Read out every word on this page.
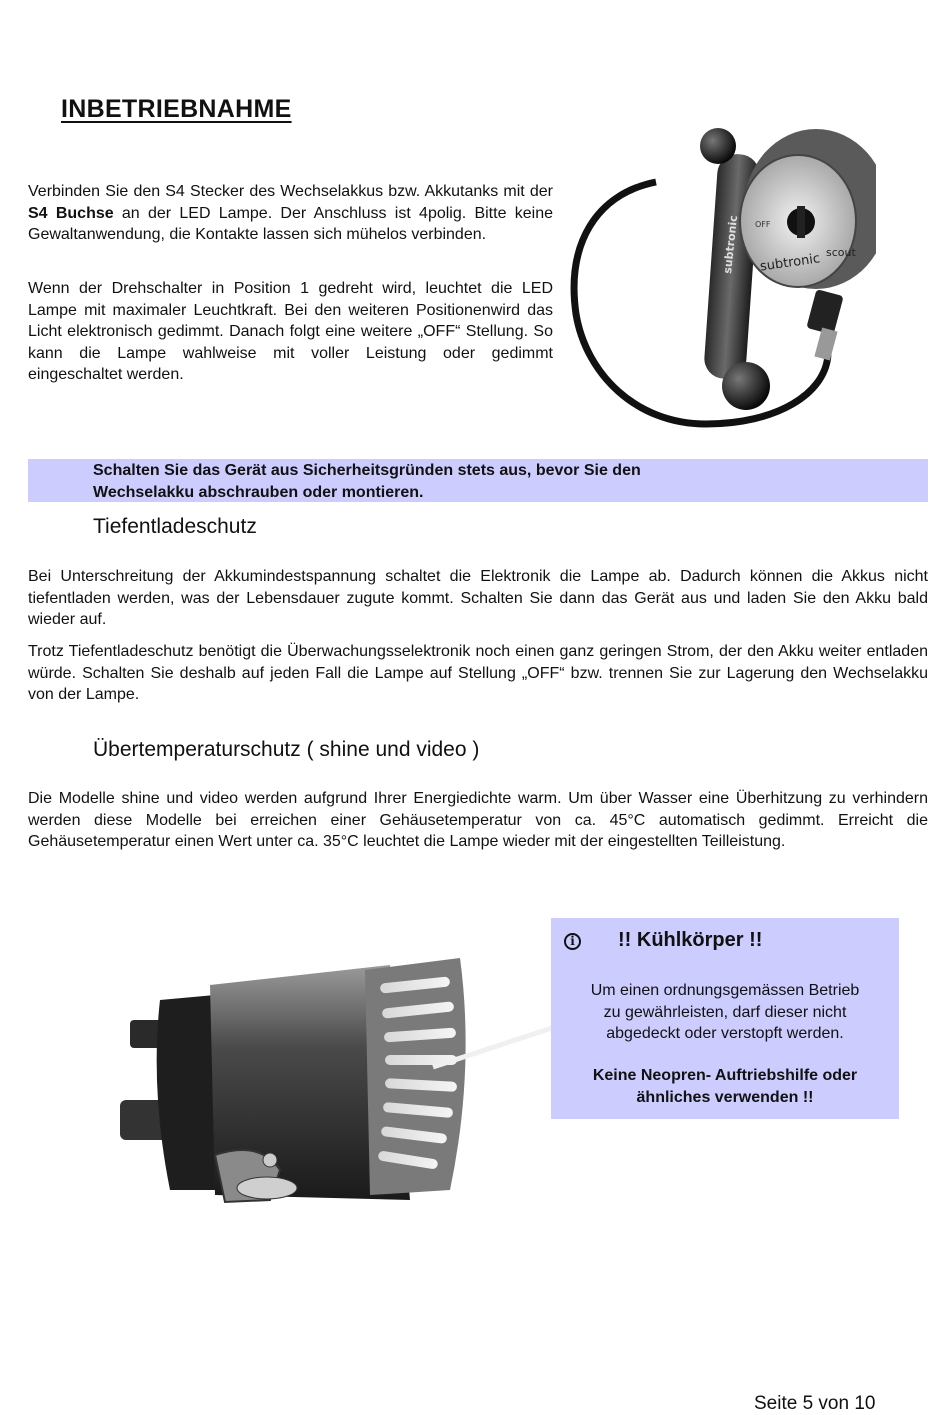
INBETRIEBNAHME

Verbinden Sie den S4 Stecker des Wechselakkus bzw. Akkutanks mit der S4 Buchse an der LED Lampe. Der Anschluss ist 4polig. Bitte keine Gewaltanwendung, die Kontakte lassen sich mühelos verbinden.

Wenn der Drehschalter in Position 1 gedreht wird, leuchtet die LED Lampe mit maximaler Leuchtkraft. Bei den weiteren Positionenwird das Licht elektronisch gedimmt. Danach folgt eine weitere „OFF“ Stellung. So kann die Lampe wahlweise mit voller Leistung oder gedimmt eingeschaltet werden.

subtronic OFF
subtronic scout
Schalten Sie das Gerät aus Sicherheitsgründen stets aus, bevor Sie den
Wechselakku abschrauben oder montieren.
Tiefentladeschutz

Bei Unterschreitung der Akkumindestspannung schaltet die Elektronik die Lampe ab. Dadurch können die Akkus nicht tiefentladen werden, was der Lebensdauer zugute kommt. Schalten Sie dann das Gerät aus und laden Sie den Akku bald wieder auf.

Trotz Tiefentladeschutz benötigt die Überwachungsselektronik noch einen ganz geringen Strom, der den Akku weiter entladen würde. Schalten Sie deshalb auf jeden Fall die Lampe auf Stellung „OFF“ bzw. trennen Sie zur Lagerung den Wechselakku von der Lampe.

Übertemperaturschutz ( shine und video )

Die Modelle shine und video werden aufgrund Ihrer Energiedichte warm. Um über Wasser eine Überhitzung zu verhindern werden diese Modelle bei erreichen einer Gehäusetemperatur von ca. 45°C automatisch gedimmt. Erreicht die Gehäusetemperatur einen Wert unter ca. 35°C leuchtet die Lampe wieder mit der eingestellten Teilleistung.

i	!! Kühlkörper !!
Um einen ordnungsgemässen Betrieb
zu gewährleisten, darf dieser nicht
abgedeckt oder verstopft werden.
Keine Neopren- Auftriebshilfe oder
ähnliches verwenden !!
Seite 5 von 10
